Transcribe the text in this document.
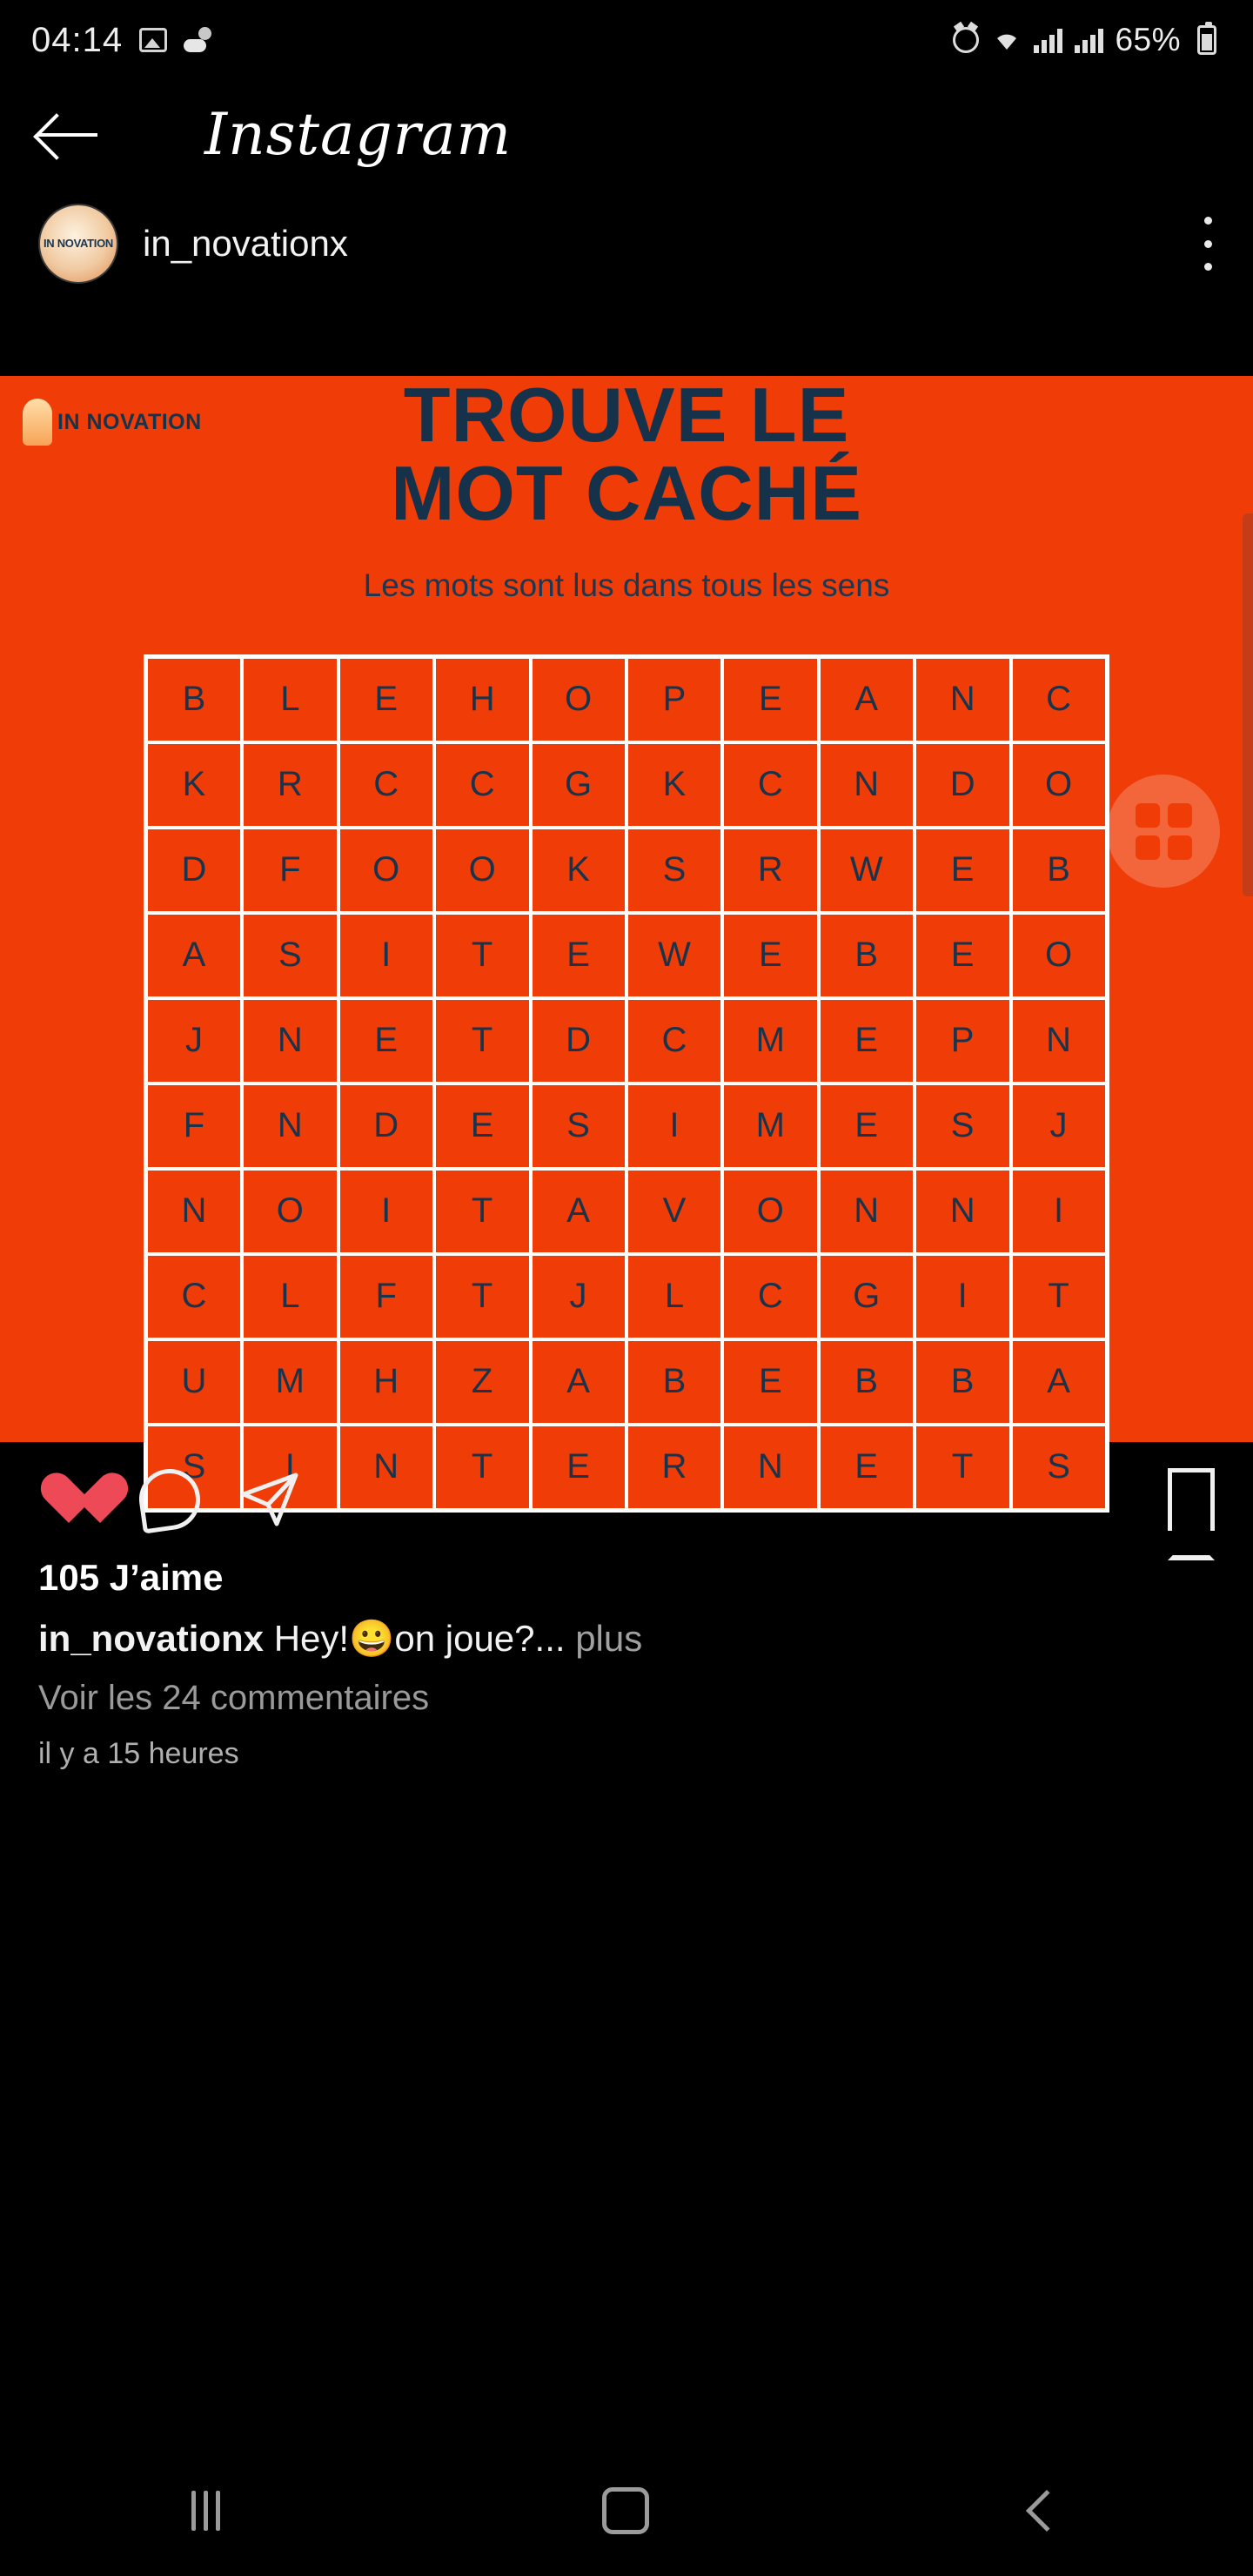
04:14	65%
Instagram
IN NOVATION in_novationx
IN NOVATION	TROUVE LE
MOT CACHÉ
Les mots sont lus dans tous les sens
B	L	E	H	O	P	E	A	N	C
K	R	C	C	G	K	C	N	D	O
D	F	O	O	K	S	R	W	E	B
A	S	I	T	E	W	E	B	E	O
J	N	E	T	D	C	M	E	P	N
F	N	D	E	S	I	M	E	S	J
N	O	I	T	A	V	O	N	N	I
C	L	F	T	J	L	C	G	I	T
U	M	H	Z	A	B	E	B	B	A
S	I	N	T	E	R	N	E	T	S
105 J’aime
in_novationx Hey!😀on joue?... plus
Voir les 24 commentaires
il y a 15 heures
